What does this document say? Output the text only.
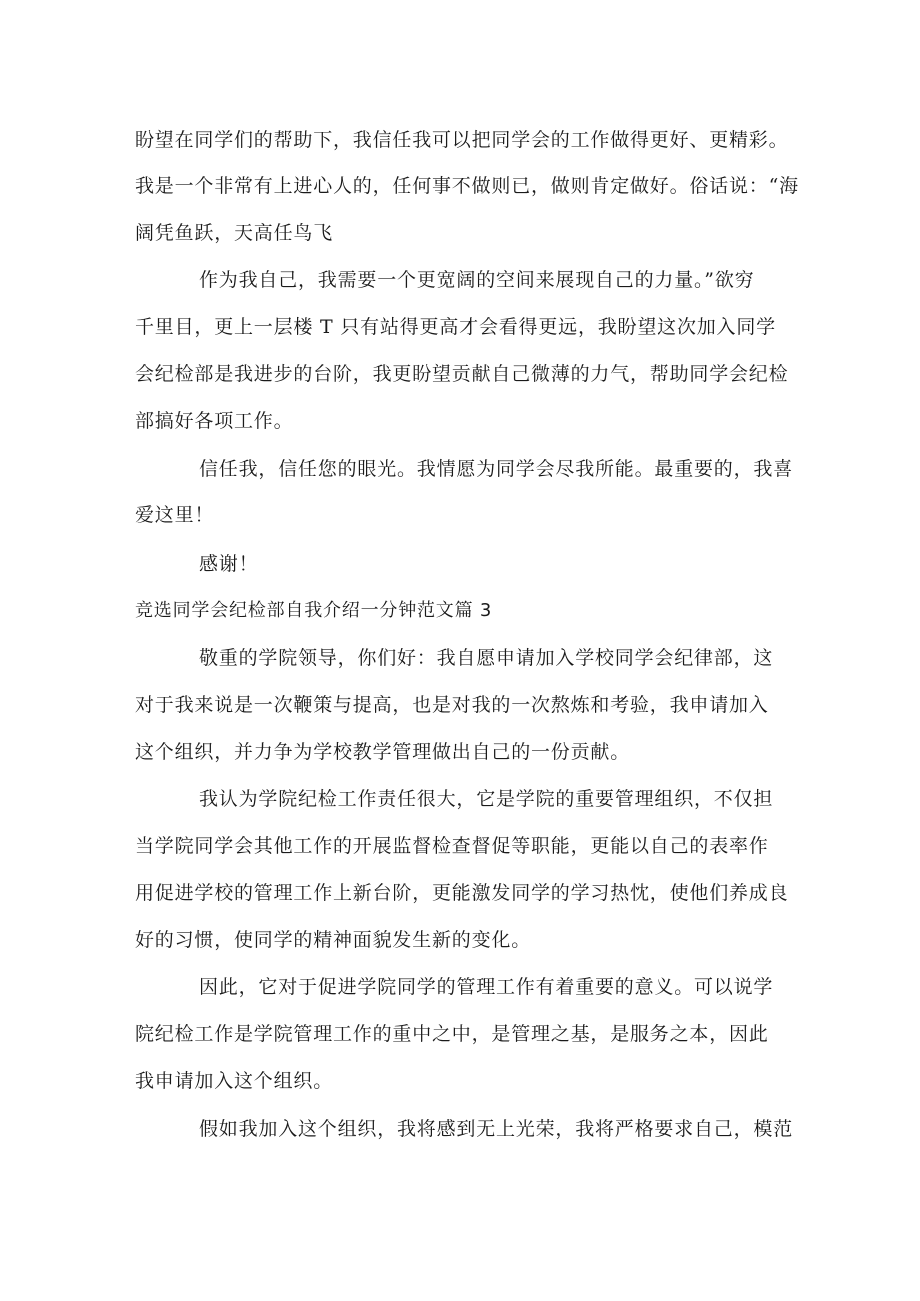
盼望在同学们的帮助下，我信任我可以把同学会的工作做得更好、更精彩。
我是一个非常有上进心人的，任何事不做则已，做则肯定做好。俗话说：“海
阔凭鱼跃，天高任鸟飞
作为我自己，我需要一个更宽阔的空间来展现自己的力量。”欲穷
千里目，更上一层楼 T 只有站得更高才会看得更远，我盼望这次加入同学
会纪检部是我进步的台阶，我更盼望贡献自己微薄的力气，帮助同学会纪检
部搞好各项工作。
信任我，信任您的眼光。我情愿为同学会尽我所能。最重要的，我喜
爱这里！
感谢！
竞选同学会纪检部自我介绍一分钟范文篇 3
敬重的学院领导，你们好：我自愿申请加入学校同学会纪律部，这
对于我来说是一次鞭策与提高，也是对我的一次熬炼和考验，我申请加入
这个组织，并力争为学校教学管理做出自己的一份贡献。
我认为学院纪检工作责任很大，它是学院的重要管理组织，不仅担
当学院同学会其他工作的开展监督检查督促等职能，更能以自己的表率作
用促进学校的管理工作上新台阶，更能激发同学的学习热忱，使他们养成良
好的习惯，使同学的精神面貌发生新的变化。
因此，它对于促进学院同学的管理工作有着重要的意义。可以说学
院纪检工作是学院管理工作的重中之中，是管理之基，是服务之本，因此
我申请加入这个组织。
假如我加入这个组织，我将感到无上光荣，我将严格要求自己，模范
